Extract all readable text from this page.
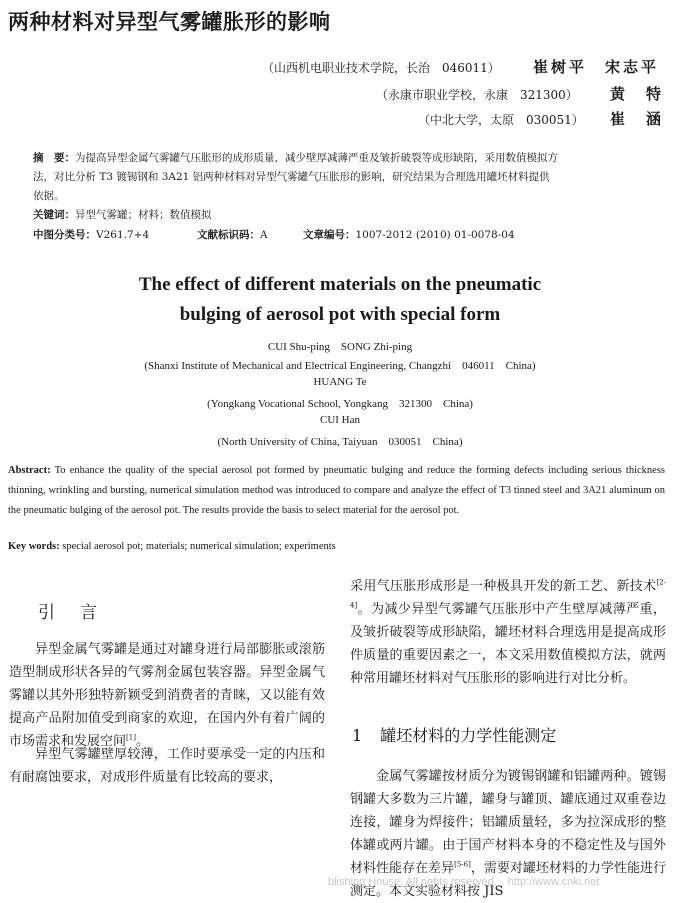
两种材料对异型气雾罐胀形的影响
（山西机电职业技术学院，长治　046011） 崔树平　宋志平
（永康市职业学校，永康　321300） 黄　特
（中北大学，太原　030051） 崔　涵
摘　要：为提高异型金属气雾罐气压胀形的成形质量，减少壁厚减薄严重及皱折破裂等成形缺陷，采用数值模拟方
法，对比分析 T3 镀锡钢和 3A21 铝两种材料对异型气雾罐气压胀形的影响，研究结果为合理选用罐坯材料提供
依据。
关键词：异型气雾罐；材料；数值模拟
中图分类号：V261.7+4	文献标识码：A	文章编号：1007-2012 (2010) 01-0078-04
The effect of different materials on the pneumatic
bulging of aerosol pot with special form
CUI Shu-ping　SONG Zhi-ping
(Shanxi Institute of Mechanical and Electrical Engineering, Changzhi　046011　China)
HUANG Te
(Yongkang Vocational School, Yongkang　321300　China)
CUI Han
(North University of China, Taiyuan　030051　China)
Abstract: To enhance the quality of the special aerosol pot formed by pneumatic bulging and reduce the forming defects including serious thickness thinning, wrinkling and bursting, numerical simulation method was introduced to compare and analyze the effect of T3 tinned steel and 3A21 aluminum on the pneumatic bulging of the aerosol pot. The results provide the basis to select material for the aerosol pot.
Key words: special aerosol pot; materials; numerical simulation; experiments
引　言
异型金属气雾罐是通过对罐身进行局部膨胀或滚筋造型制成形状各异的气雾剂金属包装容器。异型金属气雾罐以其外形独特新颖受到消费者的青睐，又以能有效提高产品附加值受到商家的欢迎，在国内外有着广阔的市场需求和发展空间[1]。
异型气雾罐壁厚较薄，工作时要承受一定的内压和有耐腐蚀要求，对成形件质量有比较高的要求，
采用气压胀形成形是一种极具开发的新工艺、新技术[2-4]。为减少异型气雾罐气压胀形中产生壁厚减薄严重，及皱折破裂等成形缺陷，罐坯材料合理选用是提高成形件质量的重要因素之一，本文采用数值模拟方法，就两种常用罐坯材料对气压胀形的影响进行对比分析。
1 罐坯材料的力学性能测定
金属气雾罐按材质分为镀锡钢罐和铝罐两种。镀锡钢罐大多数为三片罐，罐身与罐顶、罐底通过双重卷边连接，罐身为焊接件；铝罐质量轻，多为拉深成形的整体罐或两片罐。由于国产材料本身的不稳定性及与国外材料性能存在差异[5-6]，需要对罐坯材料的力学性能进行测定。本文实验材料按 JIS
blishing House. All rights reserved.　http://www.cnki.net
